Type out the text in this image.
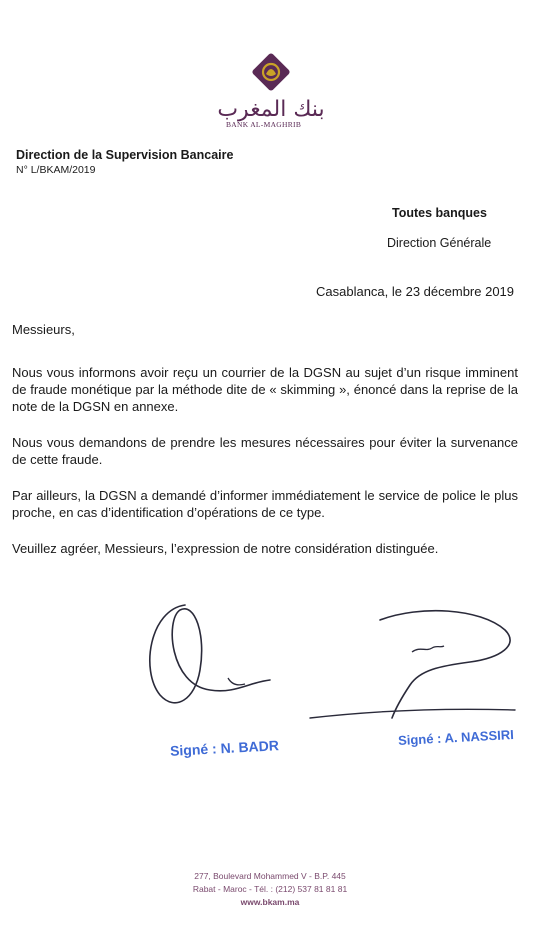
بنك المغرب
BANK AL-MAGHRIB
Direction de la Supervision Bancaire
N° L/BKAM/2019
Toutes banques
Direction Générale
Casablanca, le 23 décembre 2019
Messieurs,
Nous vous informons avoir reçu un courrier de la DGSN au sujet d’un risque imminent de fraude monétique par la méthode dite de « skimming », énoncé dans la reprise de la note de la DGSN en annexe.
Nous vous demandons de prendre les mesures nécessaires pour éviter la survenance de cette fraude.
Par ailleurs, la DGSN a demandé d’informer immédiatement le service de police le plus proche, en cas d’identification d’opérations de ce type.
Veuillez agréer, Messieurs, l’expression de notre considération distinguée.
Signé : N. BADR	Signé : A. NASSIRI
277, Boulevard Mohammed V - B.P. 445
Rabat - Maroc - Tél. : (212) 537 81 81 81
www.bkam.ma
